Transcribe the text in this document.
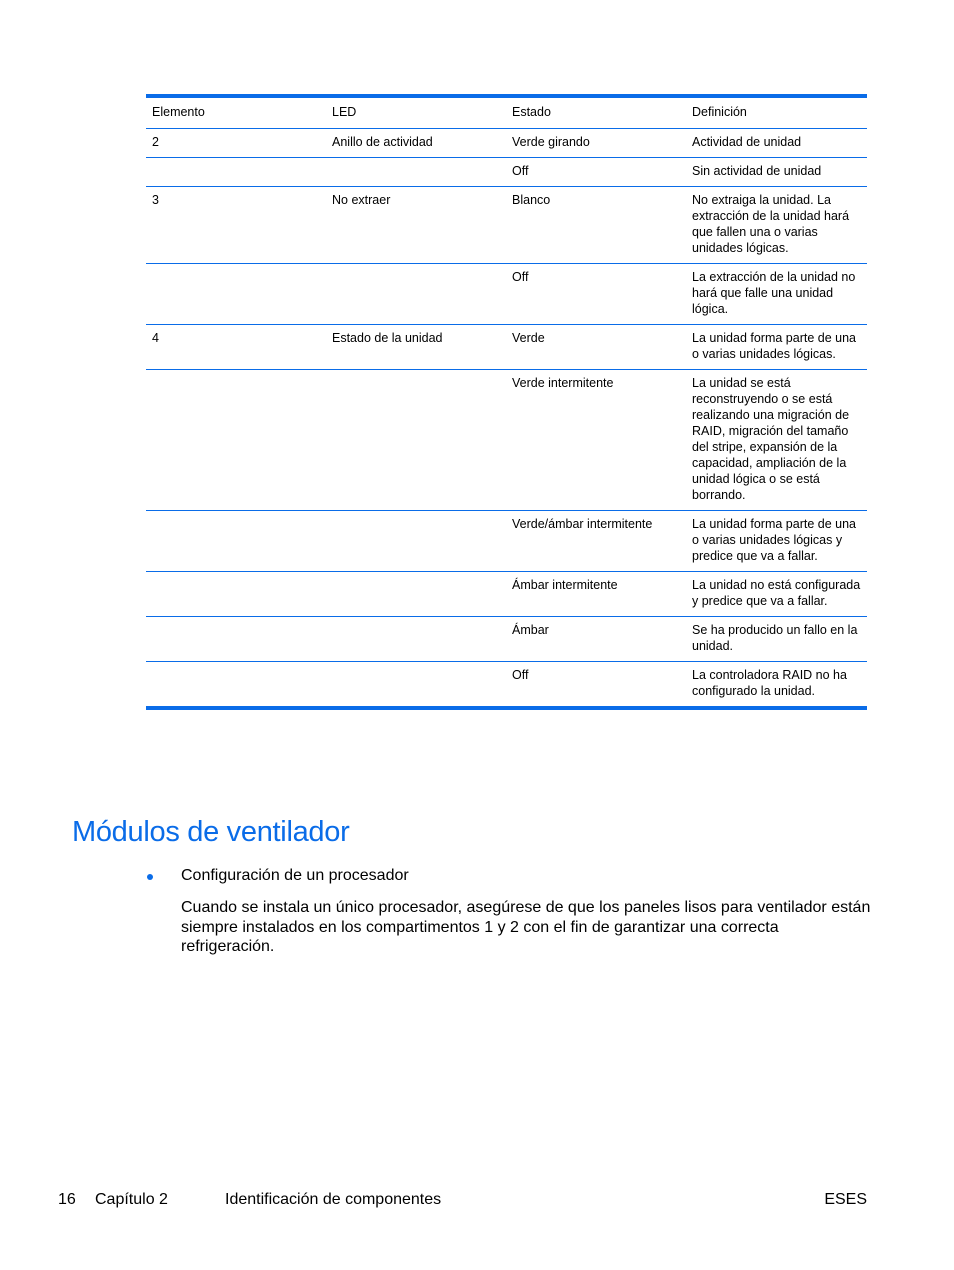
Elemento	LED	Estado	Definición
2	Anillo de actividad	Verde girando	Actividad de unidad
		Off	Sin actividad de unidad
3	No extraer	Blanco	No extraiga la unidad. La extracción de la unidad hará que fallen una o varias unidades lógicas.
		Off	La extracción de la unidad no hará que falle una unidad lógica.
4	Estado de la unidad	Verde	La unidad forma parte de una o varias unidades lógicas.
		Verde intermitente	La unidad se está reconstruyendo o se está realizando una migración de RAID, migración del tamaño del stripe, expansión de la capacidad, ampliación de la unidad lógica o se está borrando.
		Verde/ámbar intermitente	La unidad forma parte de una o varias unidades lógicas y predice que va a fallar.
		Ámbar intermitente	La unidad no está configurada y predice que va a fallar.
		Ámbar	Se ha producido un fallo en la unidad.
		Off	La controladora RAID no ha configurado la unidad.
Módulos de ventilador
Configuración de un procesador

Cuando se instala un único procesador, asegúrese de que los paneles lisos para ventilador están siempre instalados en los compartimentos 1 y 2 con el fin de garantizar una correcta refrigeración.

16 Capítulo 2	Identificación de componentes	ESES
